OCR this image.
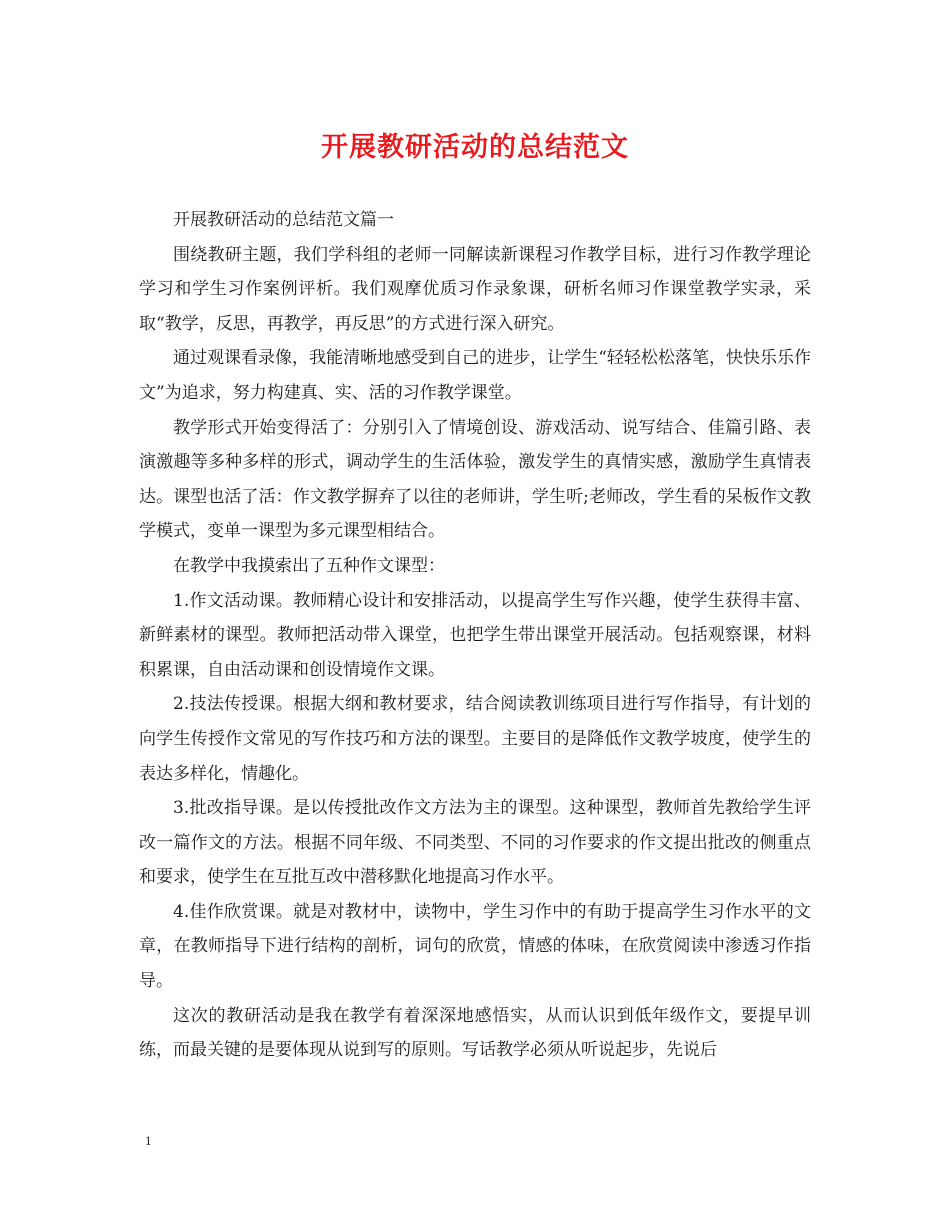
开展教研活动的总结范文

开展教研活动的总结范文篇一

围绕教研主题，我们学科组的老师一同解读新课程习作教学目标，进行习作教学理论学习和学生习作案例评析。我们观摩优质习作录象课，研析名师习作课堂教学实录，采取“教学，反思，再教学，再反思”的方式进行深入研究。

通过观课看录像，我能清晰地感受到自己的进步，让学生“轻轻松松落笔，快快乐乐作文”为追求，努力构建真、实、活的习作教学课堂。

教学形式开始变得活了：分别引入了情境创设、游戏活动、说写结合、佳篇引路、表演激趣等多种多样的形式，调动学生的生活体验，激发学生的真情实感，激励学生真情表达。课型也活了活：作文教学摒弃了以往的老师讲，学生听;老师改，学生看的呆板作文教学模式，变单一课型为多元课型相结合。

在教学中我摸索出了五种作文课型：

1.作文活动课。教师精心设计和安排活动，以提高学生写作兴趣，使学生获得丰富、新鲜素材的课型。教师把活动带入课堂，也把学生带出课堂开展活动。包括观察课，材料积累课，自由活动课和创设情境作文课。

2.技法传授课。根据大纲和教材要求，结合阅读教训练项目进行写作指导，有计划的向学生传授作文常见的写作技巧和方法的课型。主要目的是降低作文教学坡度，使学生的表达多样化，情趣化。

3.批改指导课。是以传授批改作文方法为主的课型。这种课型，教师首先教给学生评改一篇作文的方法。根据不同年级、不同类型、不同的习作要求的作文提出批改的侧重点和要求，使学生在互批互改中潜移默化地提高习作水平。

4.佳作欣赏课。就是对教材中，读物中，学生习作中的有助于提高学生习作水平的文章，在教师指导下进行结构的剖析，词句的欣赏，情感的体味，在欣赏阅读中渗透习作指导。

这次的教研活动是我在教学有着深深地感悟实，从而认识到低年级作文，要提早训练，而最关键的是要体现从说到写的原则。写话教学必须从听说起步，先说后

1
